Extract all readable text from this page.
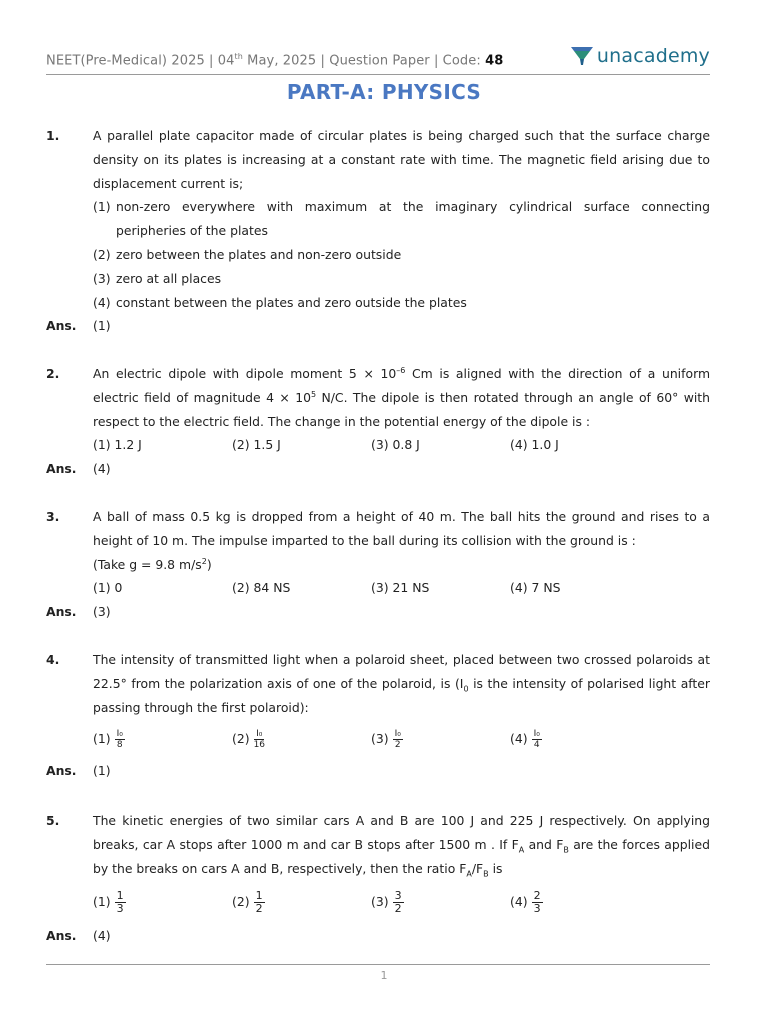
NEET(Pre-Medical) 2025 | 04th May, 2025 | Question Paper | Code: 48	unacademy
PART-A: PHYSICS
1.	A parallel plate capacitor made of circular plates is being charged such that the surface charge density on its plates is increasing at a constant rate with time. The magnetic field arising due to displacement current is;
(1) non-zero everywhere with maximum at the imaginary cylindrical surface connecting peripheries of the plates
(2) zero between the plates and non-zero outside
(3) zero at all places
(4) constant between the plates and zero outside the plates
Ans. (1)
2.	An electric dipole with dipole moment $5 \times 10^{-6}$ Cm is aligned with the direction of a uniform electric field of magnitude $4 \times 10^5$ N/C. The dipole is then rotated through an angle of 60° with respect to the electric field. The change in the potential energy of the dipole is :
(1)
1.2 J	(2)
1.5 J	(3)
0.8 J	(4)
1.0 J
Ans. (4)
3.	A ball of mass 0.5 kg is dropped from a height of 40 m. The ball hits the ground and rises to a height of 10 m. The impulse imparted to the ball during its collision with the ground is :
(Take g = 9.8 $m/s^2$)
(1)
0	(2)
84 NS	(3)
21 NS	(4)
7 NS
Ans. (3)
4.	The intensity of transmitted light when a polaroid sheet, placed between two crossed polaroids at 22.5° from the polarization axis of one of the polaroid, is ($I_0$ is the intensity of polarised light after passing through the first polaroid):
$(1) \frac{\text{I₀}}{8}$	$(2) \frac{\text{I₀}}{16}$	$(3) \frac{\text{I₀}}{2}$	$(4) \frac{\text{I₀}}{4}$
Ans. (1)
5.	The kinetic energies of two similar cars A and B are 100 J and 225 J respectively. On applying breaks, car A stops after 1000 m and car B stops after 1500 m . If $F_A$ and $F_B$ are the forces applied by the breaks on cars A and B, respectively, then the ratio $F_A/F_B$ is
$(1) \frac{1}{3}$	$(2) \frac{1}{2}$	$(3) \frac{3}{2}$	$(4) \frac{2}{3}$
Ans. (4)
1
